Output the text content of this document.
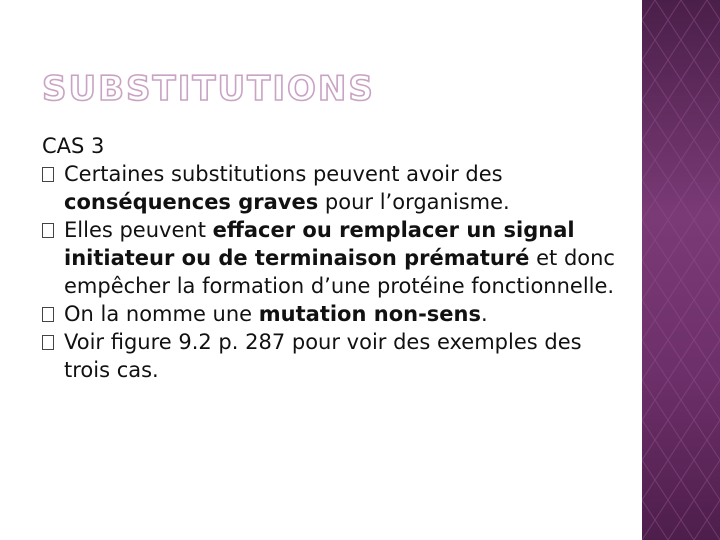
SUBSTITUTIONS
CAS 3
Certaines substitutions peuvent avoir des conséquences graves pour l’organisme.
Elles peuvent effacer ou remplacer un signal initiateur ou de terminaison prématuré et donc empêcher la formation d’une protéine fonctionnelle.
On la nomme une mutation non-sens.
Voir figure 9.2 p. 287 pour voir des exemples des trois cas.
